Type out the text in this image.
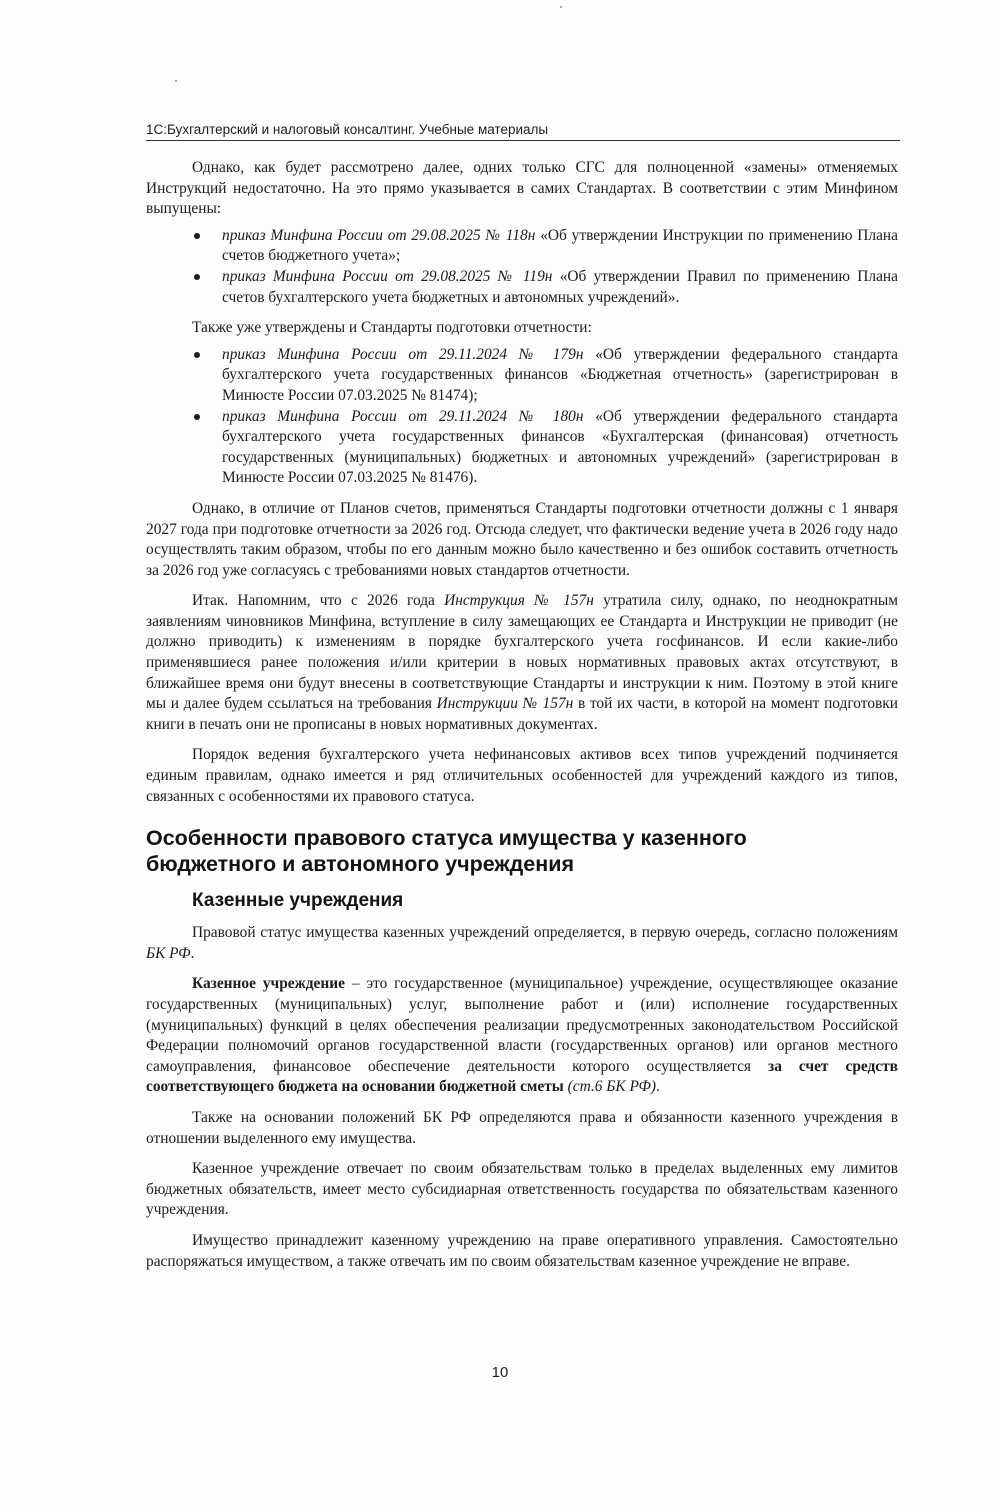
1С:Бухгалтерский и налоговый консалтинг. Учебные материалы

Однако, как будет рассмотрено далее, одних только СГС для полноценной «замены» отменяемых Инструкций недостаточно. На это прямо указывается в самих Стандартах. В соответствии с этим Минфином выпущены:

приказ Минфина России от 29.08.2025 № 118н «Об утверждении Инструкции по применению Плана счетов бюджетного учета»;
приказ Минфина России от 29.08.2025 № 119н «Об утверждении Правил по применению Плана счетов бухгалтерского учета бюджетных и автономных учреждений».

Также уже утверждены и Стандарты подготовки отчетности:

приказ Минфина России от 29.11.2024 № 179н «Об утверждении федерального стандарта бухгалтерского учета государственных финансов «Бюджетная отчетность» (зарегистрирован в Минюсте России 07.03.2025 № 81474);
приказ Минфина России от 29.11.2024 № 180н «Об утверждении федерального стандарта бухгалтерского учета государственных финансов «Бухгалтерская (финансовая) отчетность государственных (муниципальных) бюджетных и автономных учреждений» (зарегистрирован в Минюсте России 07.03.2025 № 81476).

Однако, в отличие от Планов счетов, применяться Стандарты подготовки отчетности должны с 1 января 2027 года при подготовке отчетности за 2026 год. Отсюда следует, что фактически ведение учета в 2026 году надо осуществлять таким образом, чтобы по его данным можно было качественно и без ошибок составить отчетность за 2026 год уже согласуясь с требованиями новых стандартов отчетности.

Итак. Напомним, что с 2026 года Инструкция № 157н утратила силу, однако, по неоднократным заявлениям чиновников Минфина, вступление в силу замещающих ее Стандарта и Инструкции не приводит (не должно приводить) к изменениям в порядке бухгалтерского учета госфинансов. И если какие-либо применявшиеся ранее положения и/или критерии в новых нормативных правовых актах отсутствуют, в ближайшее время они будут внесены в соответствующие Стандарты и инструкции к ним. Поэтому в этой книге мы и далее будем ссылаться на требования Инструкции № 157н в той их части, в которой на момент подготовки книги в печать они не прописаны в новых нормативных документах.

Порядок ведения бухгалтерского учета нефинансовых активов всех типов учреждений подчиняется единым правилам, однако имеется и ряд отличительных особенностей для учреждений каждого из типов, связанных с особенностями их правового статуса.

Особенности правового статуса имущества у казенного
бюджетного и автономного учреждения
Казенные учреждения

Правовой статус имущества казенных учреждений определяется, в первую очередь, согласно положениям БК РФ.

Казенное учреждение – это государственное (муниципальное) учреждение, осуществляющее оказание государственных (муниципальных) услуг, выполнение работ и (или) исполнение государственных (муниципальных) функций в целях обеспечения реализации предусмотренных законодательством Российской Федерации полномочий органов государственной власти (государственных органов) или органов местного самоуправления, финансовое обеспечение деятельности которого осуществляется за счет средств соответствующего бюджета на основании бюджетной сметы (ст.6 БК РФ).

Также на основании положений БК РФ определяются права и обязанности казенного учреждения в отношении выделенного ему имущества.

Казенное учреждение отвечает по своим обязательствам только в пределах выделенных ему лимитов бюджетных обязательств, имеет место субсидиарная ответственность государства по обязательствам казенного учреждения.

Имущество принадлежит казенному учреждению на праве оперативного управления. Самостоятельно распоряжаться имуществом, а также отвечать им по своим обязательствам казенное учреждение не вправе.

10
